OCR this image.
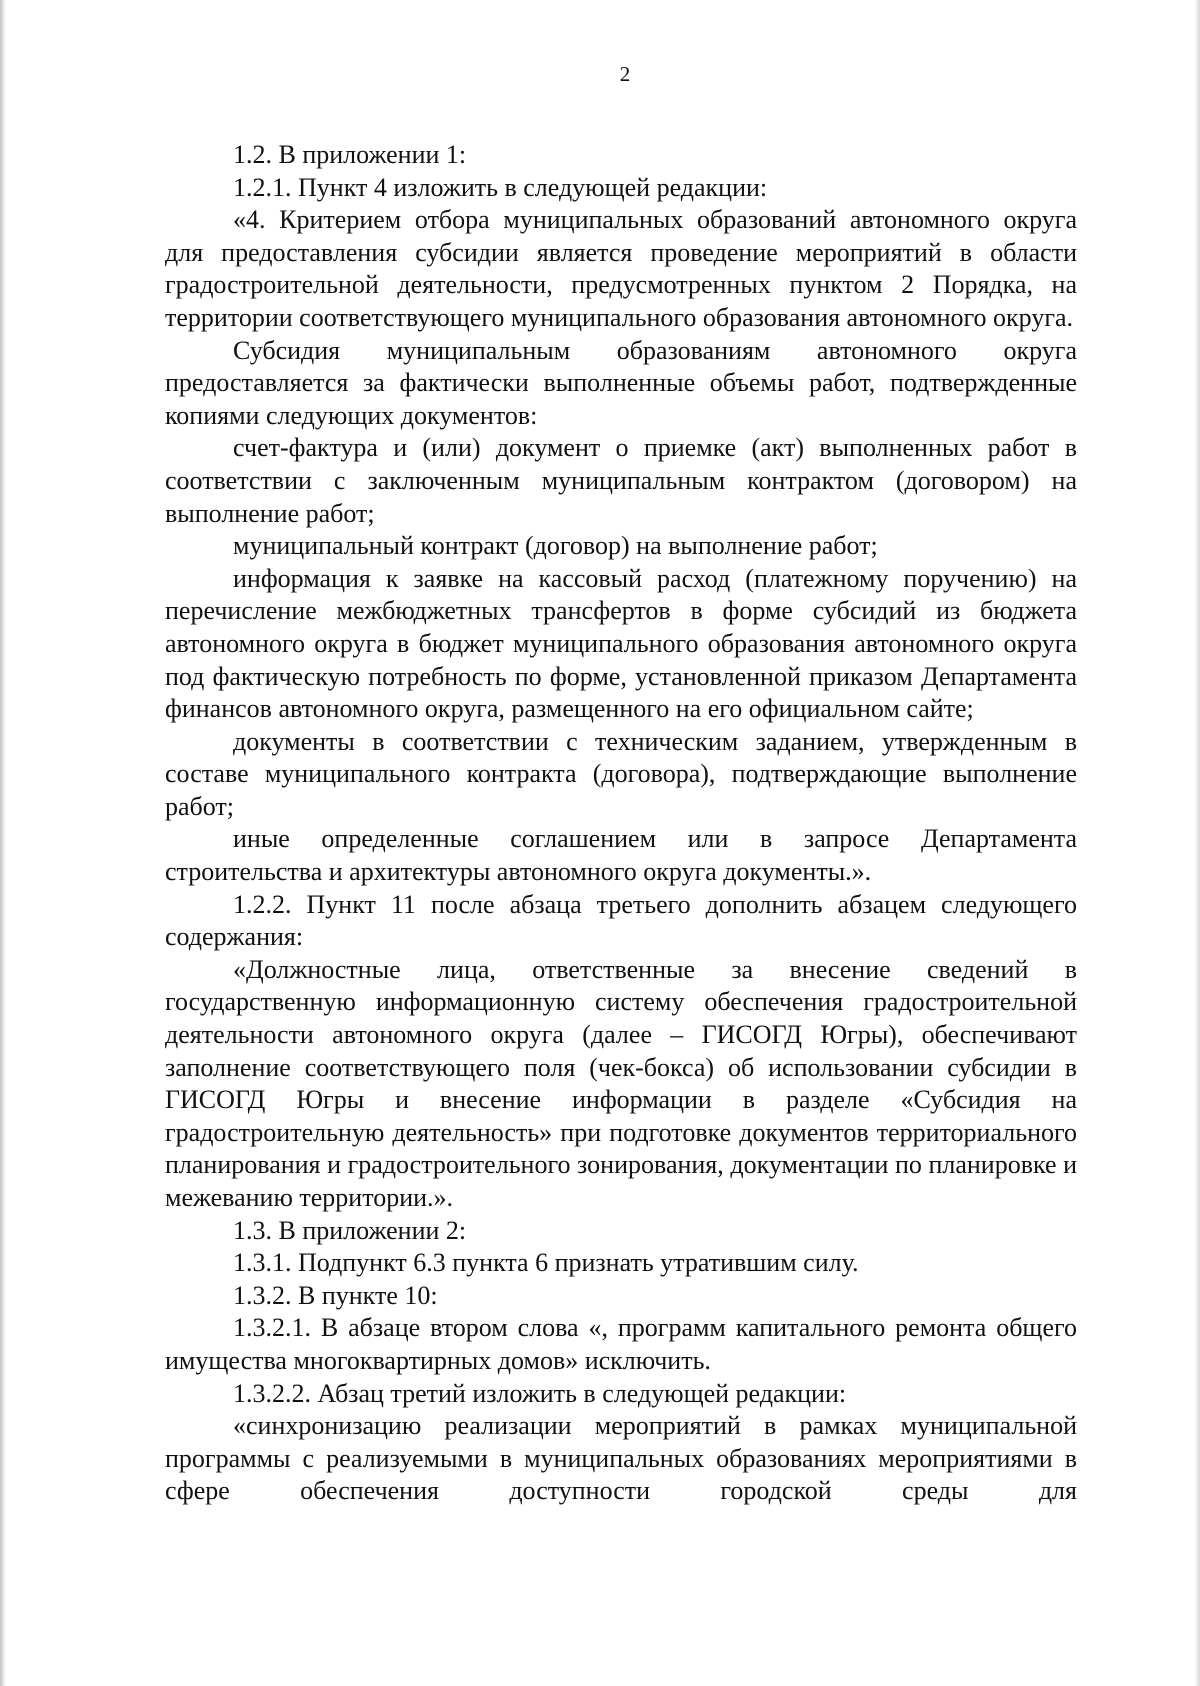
2

1.2. В приложении 1:

1.2.1. Пункт 4 изложить в следующей редакции:

«4. Критерием отбора муниципальных образований автономного округа для предоставления субсидии является проведение мероприятий в области градостроительной деятельности, предусмотренных пунктом 2 Порядка, на территории соответствующего муниципального образования автономного округа.

Субсидия муниципальным образованиям автономного округа предоставляется за фактически выполненные объемы работ, подтвержденные копиями следующих документов:

счет-фактура и (или) документ о приемке (акт) выполненных работ в соответствии с заключенным муниципальным контрактом (договором) на выполнение работ;

муниципальный контракт (договор) на выполнение работ;

информация к заявке на кассовый расход (платежному поручению) на перечисление межбюджетных трансфертов в форме субсидий из бюджета автономного округа в бюджет муниципального образования автономного округа под фактическую потребность по форме, установленной приказом Департамента финансов автономного округа, размещенного на его официальном сайте;

документы в соответствии с техническим заданием, утвержденным в составе муниципального контракта (договора), подтверждающие выполнение работ;

иные определенные соглашением или в запросе Департамента строительства и архитектуры автономного округа документы.».

1.2.2. Пункт 11 после абзаца третьего дополнить абзацем следующего содержания:

«Должностные лица, ответственные за внесение сведений в государственную информационную систему обеспечения градостроительной деятельности автономного округа (далее – ГИСОГД Югры), обеспечивают заполнение соответствующего поля (чек-бокса) об использовании субсидии в ГИСОГД Югры и внесение информации в разделе «Субсидия на градостроительную деятельность» при подготовке документов территориального планирования и градостроительного зонирования, документации по планировке и межеванию территории.».

1.3. В приложении 2:

1.3.1. Подпункт 6.3 пункта 6 признать утратившим силу.

1.3.2. В пункте 10:

1.3.2.1. В абзаце втором слова «, программ капитального ремонта общего имущества многоквартирных домов» исключить.

1.3.2.2. Абзац третий изложить в следующей редакции:

«синхронизацию реализации мероприятий в рамках муниципальной программы с реализуемыми в муниципальных образованиях мероприятиями в сфере обеспечения доступности городской среды для
